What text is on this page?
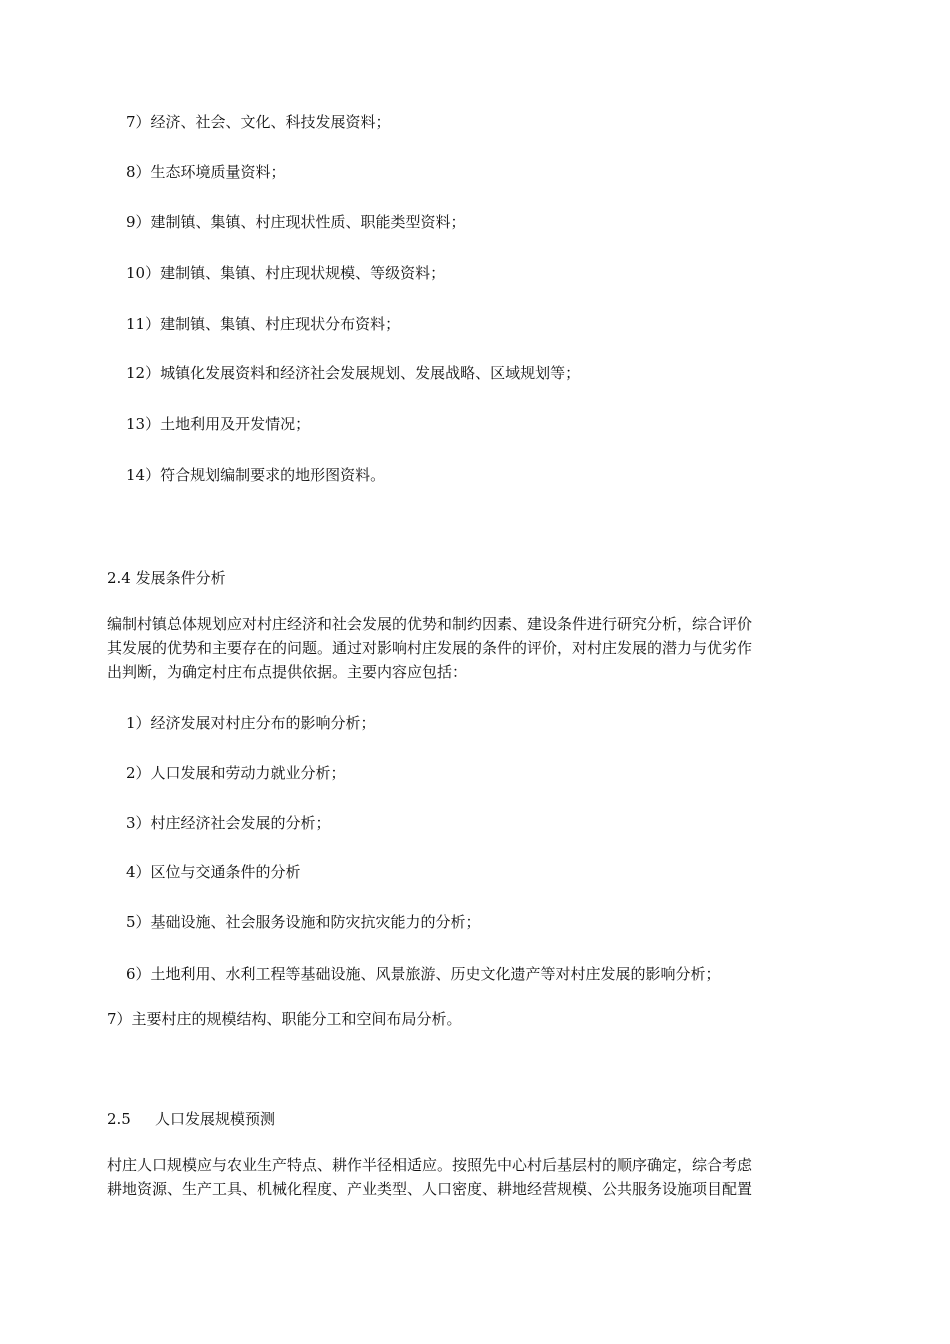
7）经济、社会、文化、科技发展资料；
8）生态环境质量资料；
9）建制镇、集镇、村庄现状性质、职能类型资料；
10）建制镇、集镇、村庄现状规模、等级资料；
11）建制镇、集镇、村庄现状分布资料；
12）城镇化发展资料和经济社会发展规划、发展战略、区域规划等；
13）土地利用及开发情况；
14）符合规划编制要求的地形图资料。
2.4 发展条件分析
编制村镇总体规划应对村庄经济和社会发展的优势和制约因素、建设条件进行研究分析，综合评价
其发展的优势和主要存在的问题。通过对影响村庄发展的条件的评价，对村庄发展的潜力与优劣作
出判断，为确定村庄布点提供依据。主要内容应包括：
1）经济发展对村庄分布的影响分析；
2）人口发展和劳动力就业分析；
3）村庄经济社会发展的分析；
4）区位与交通条件的分析
5）基础设施、社会服务设施和防灾抗灾能力的分析；
6）土地利用、水利工程等基础设施、风景旅游、历史文化遗产等对村庄发展的影响分析；
7）主要村庄的规模结构、职能分工和空间布局分析。
2.5 人口发展规模预测
村庄人口规模应与农业生产特点、耕作半径相适应。按照先中心村后基层村的顺序确定，综合考虑
耕地资源、生产工具、机械化程度、产业类型、人口密度、耕地经营规模、公共服务设施项目配置
